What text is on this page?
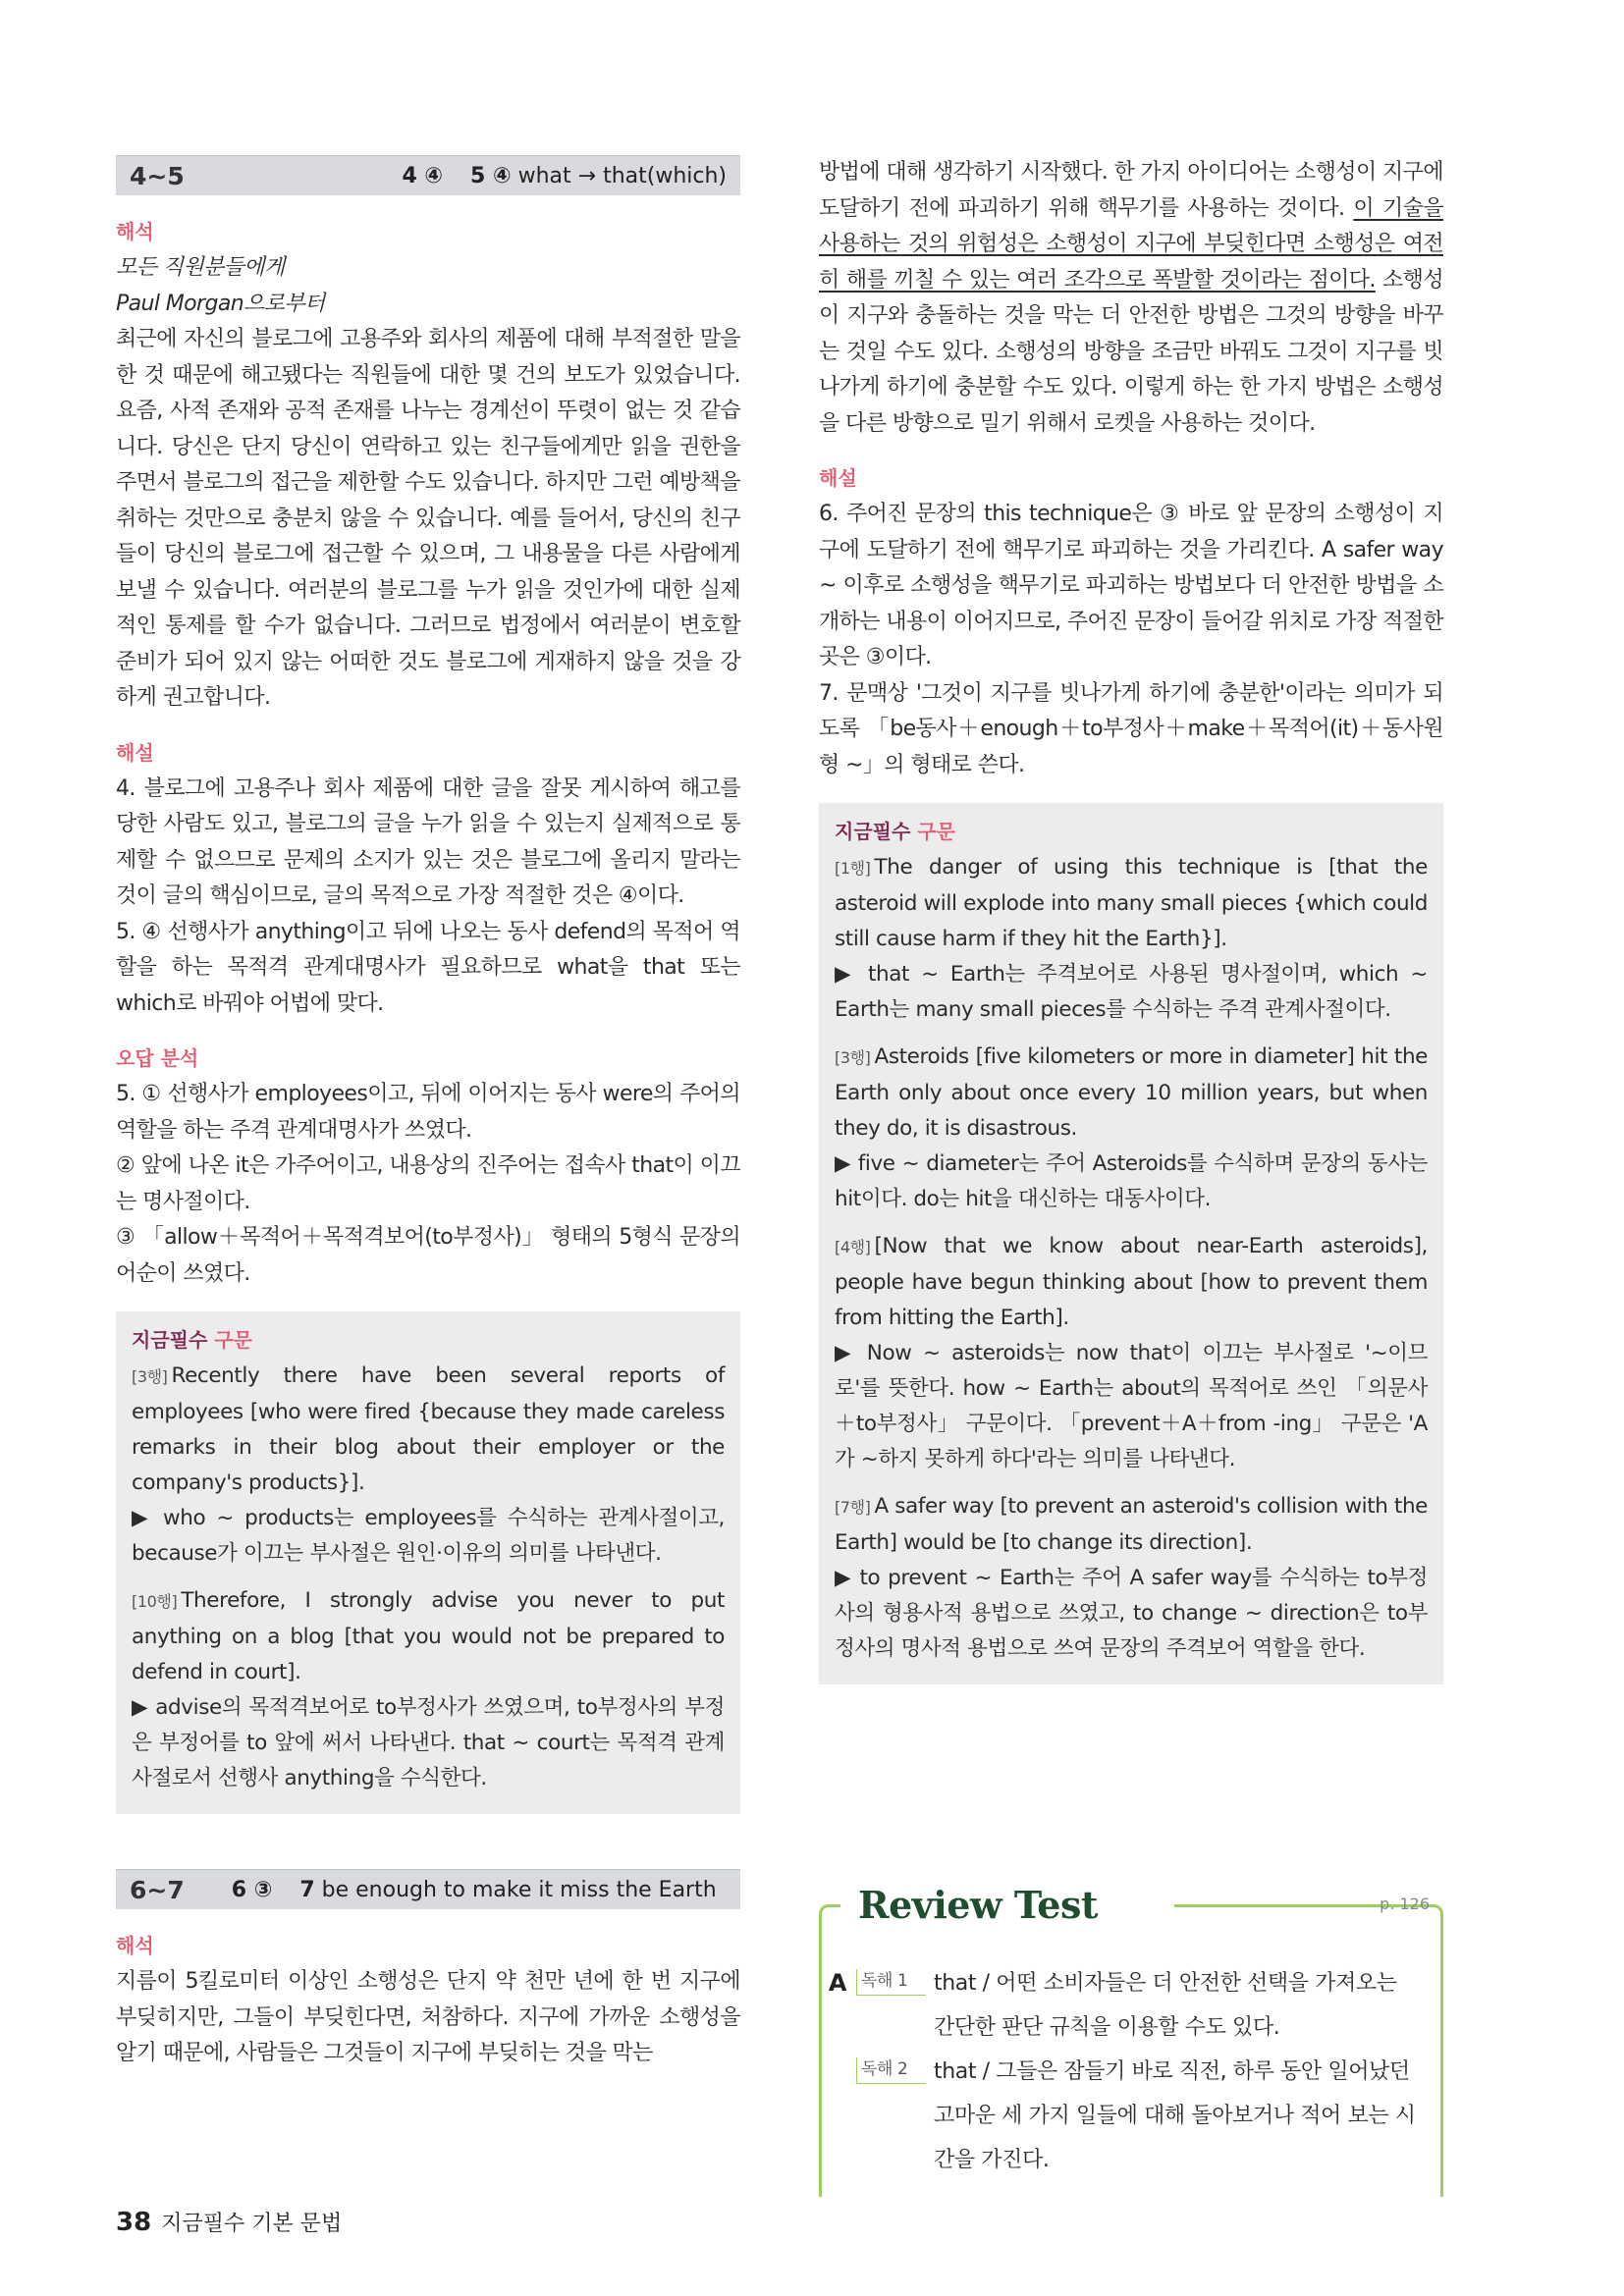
4~5	4 ④ 5 ④ what → that(which)
해석

모든 직원분들에게

Paul Morgan으로부터

최근에 자신의 블로그에 고용주와 회사의 제품에 대해 부적절한 말을 한 것 때문에 해고됐다는 직원들에 대한 몇 건의 보도가 있었습니다. 요즘, 사적 존재와 공적 존재를 나누는 경계선이 뚜렷이 없는 것 같습니다. 당신은 단지 당신이 연락하고 있는 친구들에게만 읽을 권한을 주면서 블로그의 접근을 제한할 수도 있습니다. 하지만 그런 예방책을 취하는 것만으로 충분치 않을 수 있습니다. 예를 들어서, 당신의 친구들이 당신의 블로그에 접근할 수 있으며, 그 내용물을 다른 사람에게 보낼 수 있습니다. 여러분의 블로그를 누가 읽을 것인가에 대한 실제적인 통제를 할 수가 없습니다. 그러므로 법정에서 여러분이 변호할 준비가 되어 있지 않는 어떠한 것도 블로그에 게재하지 않을 것을 강하게 권고합니다.

해설

4. 블로그에 고용주나 회사 제품에 대한 글을 잘못 게시하여 해고를 당한 사람도 있고, 블로그의 글을 누가 읽을 수 있는지 실제적으로 통제할 수 없으므로 문제의 소지가 있는 것은 블로그에 올리지 말라는 것이 글의 핵심이므로, 글의 목적으로 가장 적절한 것은 ④이다.

5. ④ 선행사가 anything이고 뒤에 나오는 동사 defend의 목적어 역할을 하는 목적격 관계대명사가 필요하므로 what을 that 또는 which로 바꿔야 어법에 맞다.

오답 분석

5. ① 선행사가 employees이고, 뒤에 이어지는 동사 were의 주어의 역할을 하는 주격 관계대명사가 쓰였다.

② 앞에 나온 it은 가주어이고, 내용상의 진주어는 접속사 that이 이끄는 명사절이다.

③ 「allow＋목적어＋목적격보어(to부정사)」 형태의 5형식 문장의 어순이 쓰였다.

지금필수 구문

[3행] Recently there have been several reports of employees [who were fired {because they made careless remarks in their blog about their employer or the company's products}].

▶ who ~ products는 employees를 수식하는 관계사절이고, because가 이끄는 부사절은 원인·이유의 의미를 나타낸다.

[10행] Therefore, I strongly advise you never to put anything on a blog [that you would not be prepared to defend in court].

▶ advise의 목적격보어로 to부정사가 쓰였으며, to부정사의 부정은 부정어를 to 앞에 써서 나타낸다. that ~ court는 목적격 관계사절로서 선행사 anything을 수식한다.

6~7 6 ③ 7 be enough to make it miss the Earth
해석

지름이 5킬로미터 이상인 소행성은 단지 약 천만 년에 한 번 지구에 부딪히지만, 그들이 부딪힌다면, 처참하다. 지구에 가까운 소행성을 알기 때문에, 사람들은 그것들이 지구에 부딪히는 것을 막는

방법에 대해 생각하기 시작했다. 한 가지 아이디어는 소행성이 지구에 도달하기 전에 파괴하기 위해 핵무기를 사용하는 것이다. 이 기술을 사용하는 것의 위험성은 소행성이 지구에 부딪힌다면 소행성은 여전히 해를 끼칠 수 있는 여러 조각으로 폭발할 것이라는 점이다. 소행성이 지구와 충돌하는 것을 막는 더 안전한 방법은 그것의 방향을 바꾸는 것일 수도 있다. 소행성의 방향을 조금만 바꿔도 그것이 지구를 빗나가게 하기에 충분할 수도 있다. 이렇게 하는 한 가지 방법은 소행성을 다른 방향으로 밀기 위해서 로켓을 사용하는 것이다.

해설

6. 주어진 문장의 this technique은 ③ 바로 앞 문장의 소행성이 지구에 도달하기 전에 핵무기로 파괴하는 것을 가리킨다. A safer way ~ 이후로 소행성을 핵무기로 파괴하는 방법보다 더 안전한 방법을 소개하는 내용이 이어지므로, 주어진 문장이 들어갈 위치로 가장 적절한 곳은 ③이다.

7. 문맥상 '그것이 지구를 빗나가게 하기에 충분한'이라는 의미가 되도록 「be동사＋enough＋to부정사＋make＋목적어(it)＋동사원형 ~」의 형태로 쓴다.

지금필수 구문

[1행] The danger of using this technique is [that the asteroid will explode into many small pieces {which could still cause harm if they hit the Earth}].

▶ that ~ Earth는 주격보어로 사용된 명사절이며, which ~ Earth는 many small pieces를 수식하는 주격 관계사절이다.

[3행] Asteroids [five kilometers or more in diameter] hit the Earth only about once every 10 million years, but when they do, it is disastrous.

▶ five ~ diameter는 주어 Asteroids를 수식하며 문장의 동사는 hit이다. do는 hit을 대신하는 대동사이다.

[4행] [Now that we know about near-Earth asteroids], people have begun thinking about [how to prevent them from hitting the Earth].

▶ Now ~ asteroids는 now that이 이끄는 부사절로 '~이므로'를 뜻한다. how ~ Earth는 about의 목적어로 쓰인 「의문사＋to부정사」 구문이다. 「prevent＋A＋from -ing」 구문은 'A가 ~하지 못하게 하다'라는 의미를 나타낸다.

[7행] A safer way [to prevent an asteroid's collision with the Earth] would be [to change its direction].

▶ to prevent ~ Earth는 주어 A safer way를 수식하는 to부정사의 형용사적 용법으로 쓰였고, to change ~ direction은 to부정사의 명사적 용법으로 쓰여 문장의 주격보어 역할을 한다.

Review Test	p. 126
A 독해 1	that / 어떤 소비자들은 더 안전한 선택을 가져오는 간단한 판단 규칙을 이용할 수도 있다.
독해 2	that / 그들은 잠들기 바로 직전, 하루 동안 일어났던 고마운 세 가지 일들에 대해 돌아보거나 적어 보는 시간을 가진다.
38 지금필수 기본 문법
